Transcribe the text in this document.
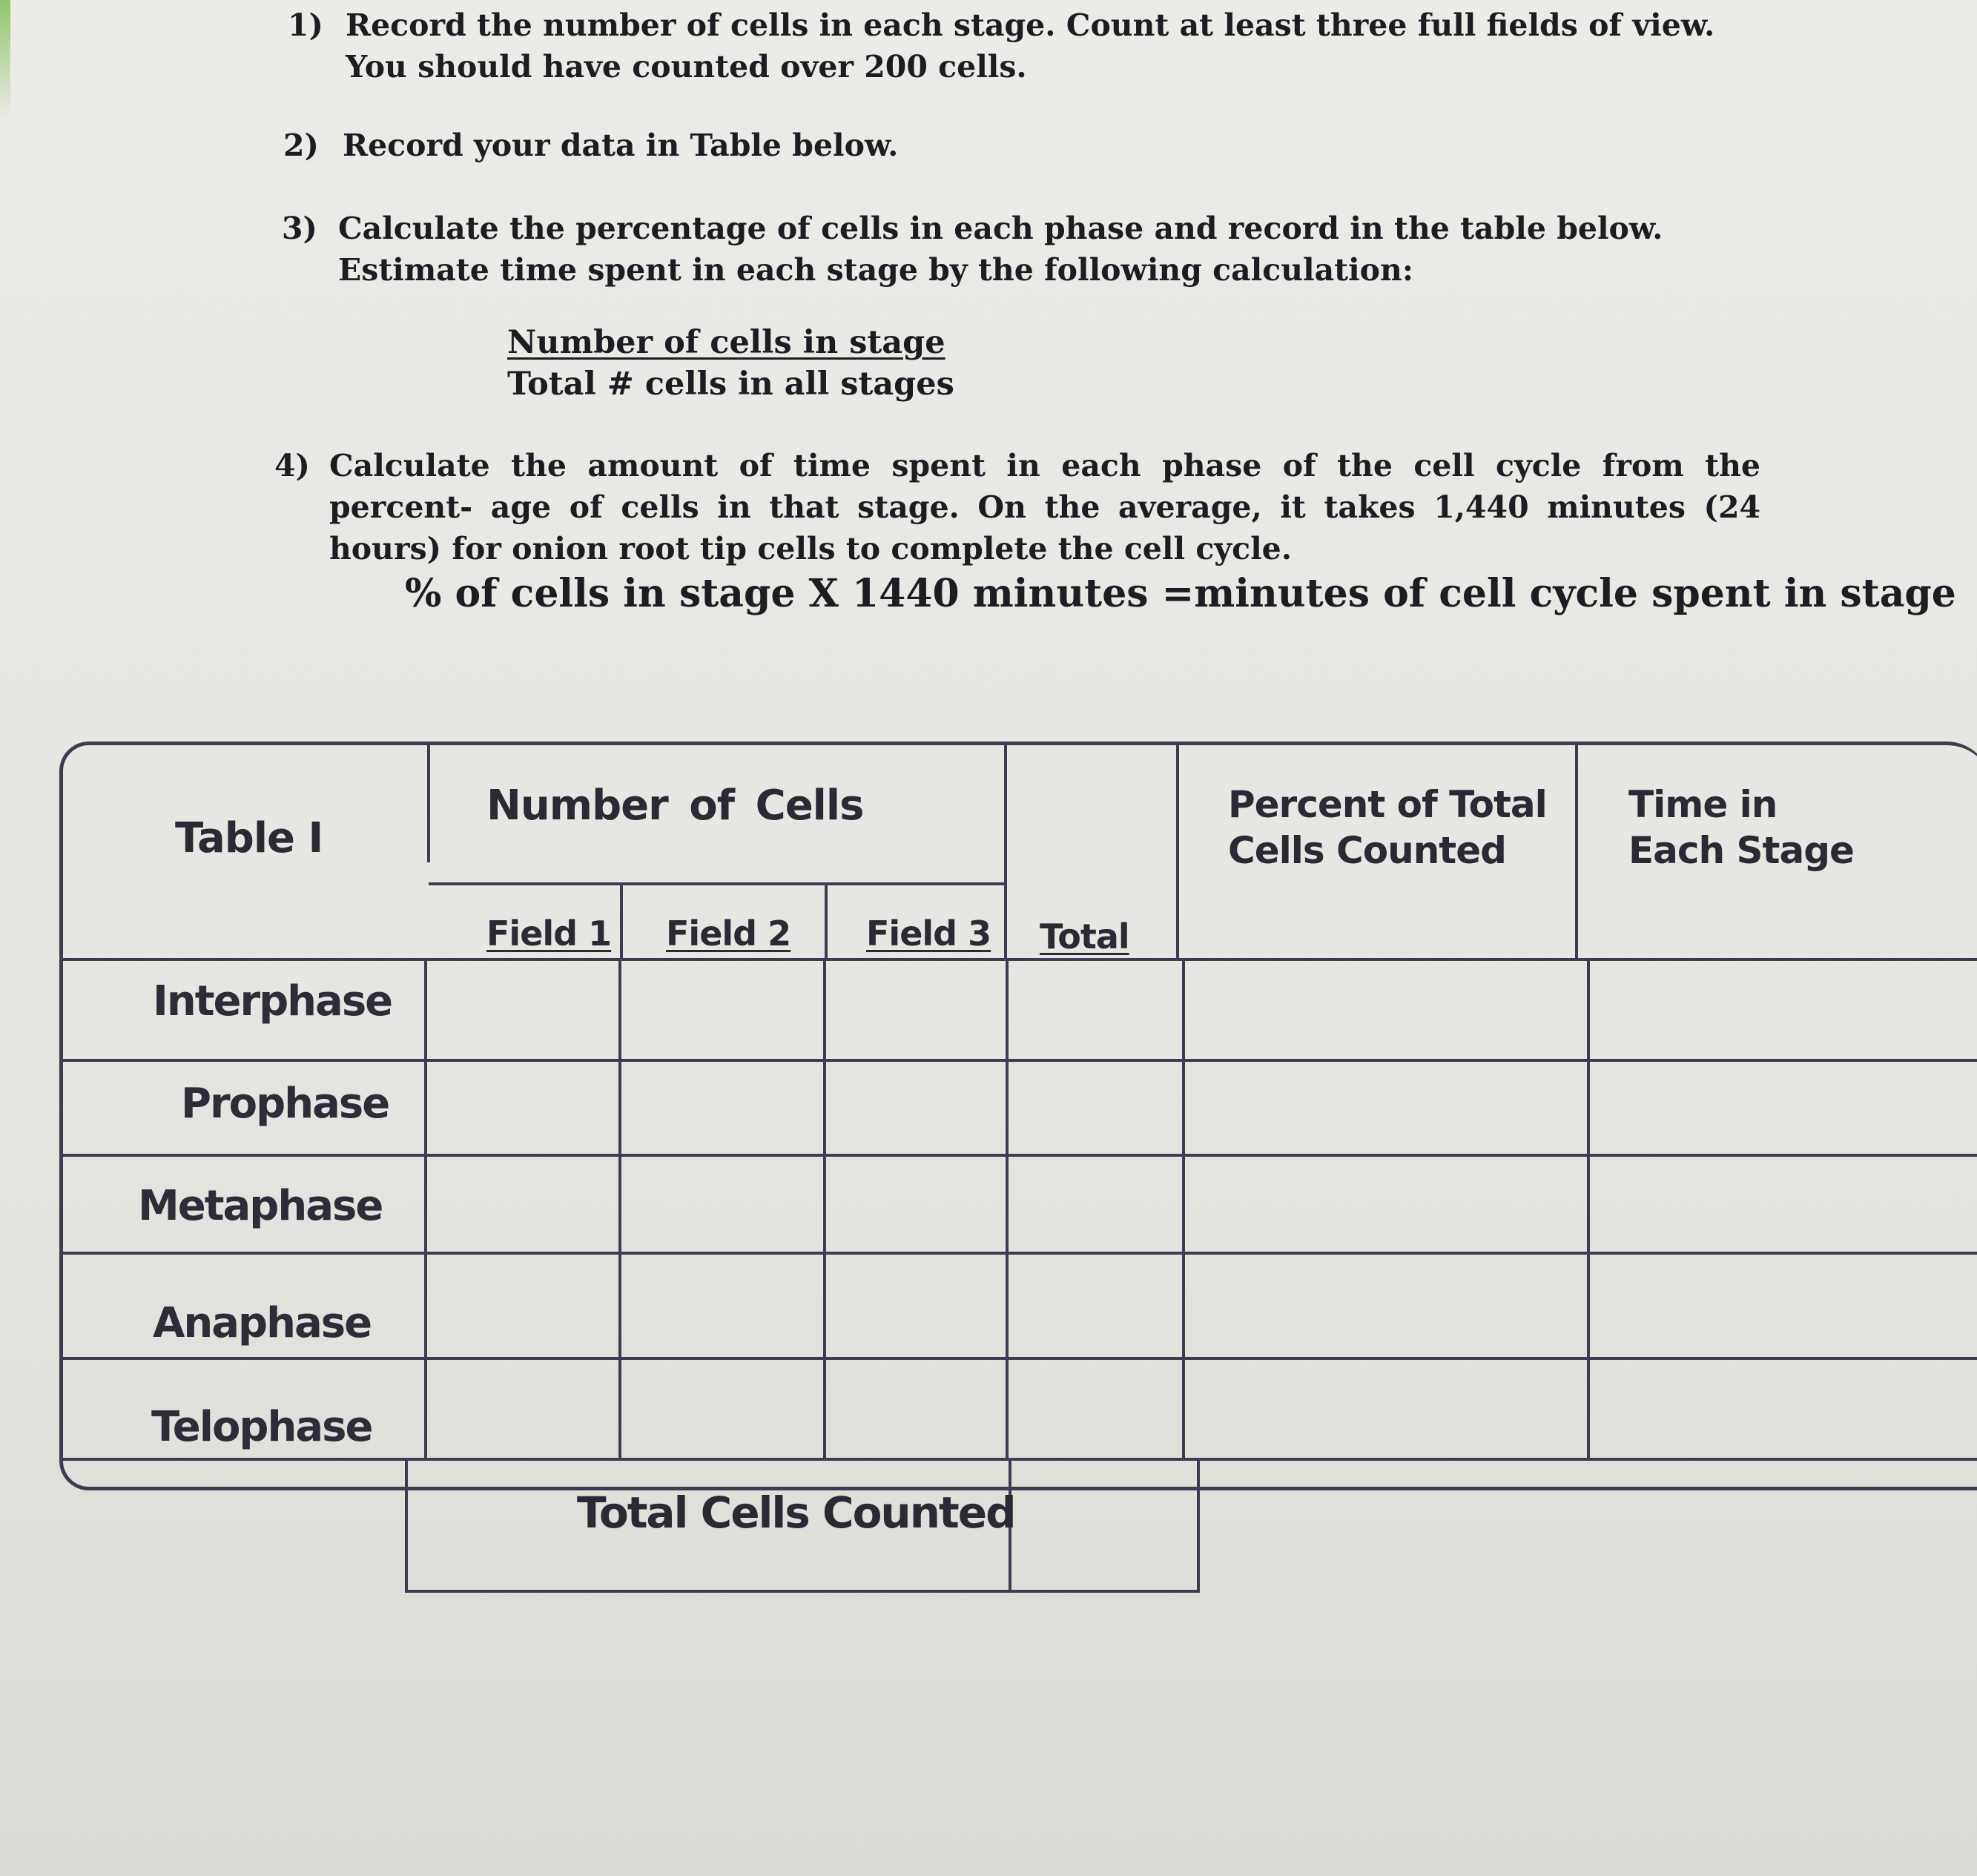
1) Record the number of cells in each stage. Count at least three full fields of view. You should have counted over 200 cells.
2) Record your data in Table below.
3) Calculate the percentage of cells in each phase and record in the table below. Estimate time spent in each stage by the following calculation:
Number of cells in stage
Total # cells in all stages
4) Calculate the amount of time spent in each phase of the cell cycle from the percent- age of cells in that stage. On the average, it takes 1,440 minutes (24 hours) for onion root tip cells to complete the cell cycle.
% of cells in stage X 1440 minutes =minutes of cell cycle spent in stage
Table I
Number of Cells
Field 1 Field 2 Field 3 Total
Percent of Total
Cells Counted
Time in
Each Stage
Interphase
Prophase
Metaphase
Anaphase
Telophase
Total Cells Counted
